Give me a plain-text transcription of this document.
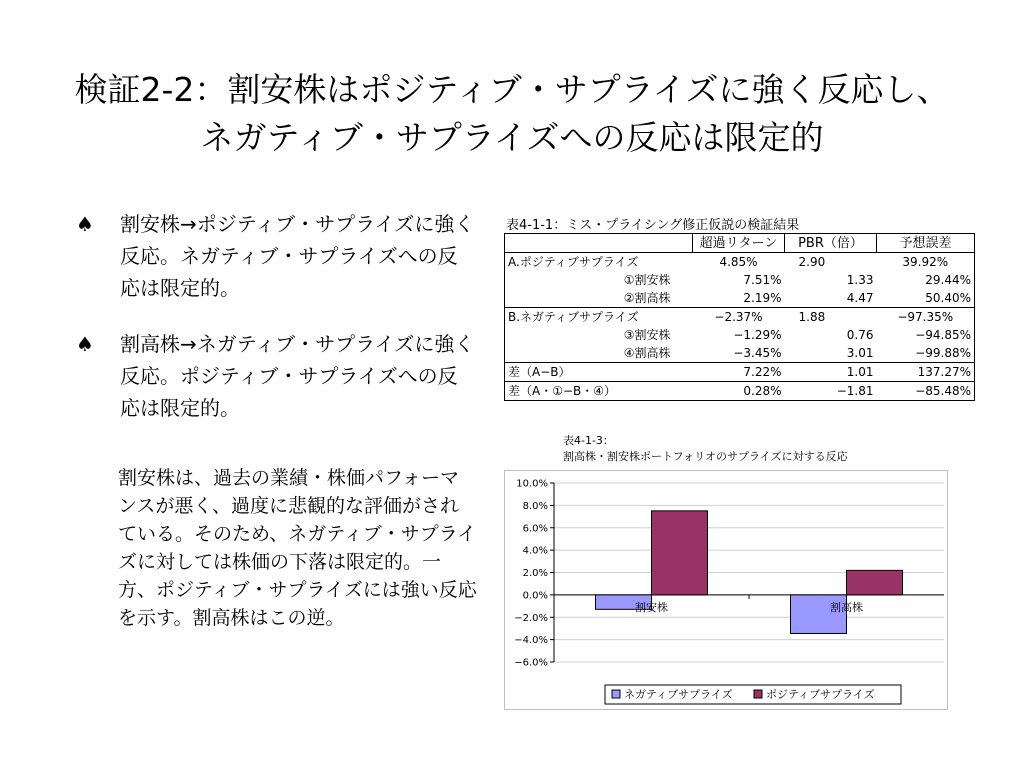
検証2-2：割安株はポジティブ・サプライズに強く反応し、
ネガティブ・サプライズへの反応は限定的
♠	割安株→ポジティブ・サプライズに強く反応。ネガティブ・サプライズへの反応は限定的。
♠	割高株→ネガティブ・サプライズに強く反応。ポジティブ・サプライズへの反応は限定的。
割安株は、過去の業績・株価パフォーマンスが悪く、過度に悲観的な評価がされている。そのため、ネガティブ・サプライズに対しては株価の下落は限定的。一方、ポジティブ・サプライズには強い反応を示す。割高株はこの逆。
表4-1-1：ミス・プライシング修正仮説の検証結果
	超過リターン	PBR（倍）	予想誤差
A.ポジティブサプライズ	4.85%	2.90	39.92%
①割安株	7.51%	1.33	29.44%
②割高株	2.19%	4.47	50.40%
B.ネガティブサプライズ	−2.37%	1.88	−97.35%
③割安株	−1.29%	0.76	−94.85%
④割高株	−3.45%	3.01	−99.88%
差（A−B）	7.22%	1.01	137.27%
差（A・①−B・④）	0.28%	−1.81	−85.48%
表4-1-3：
割高株・割安株ポートフォリオのサプライズに対する反応
10.0%
8.0%
6.0%
4.0%
2.0%
0.0%
−2.0%
−4.0%
−6.0%
割安株	割高株
ネガティブサプライズ	ポジティブサプライズ
